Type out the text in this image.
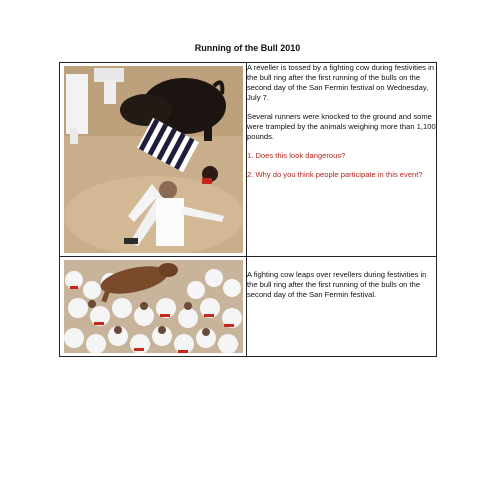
Running of the Bull 2010

A reveller is tossed by a fighting cow during festivities in the bull ring after the first running of the bulls on the second day of the San Fermin festival on Wednesday, July 7.

Several runners were knocked to the ground and some were trampled by the animals weighing more than 1,100 pounds.

1. Does this look dangerous?

2. Why do you think people participate in this event?

A fighting cow leaps over revellers during festivities in the bull ring after the first running of the bulls on the second day of the San Fermin festival.
